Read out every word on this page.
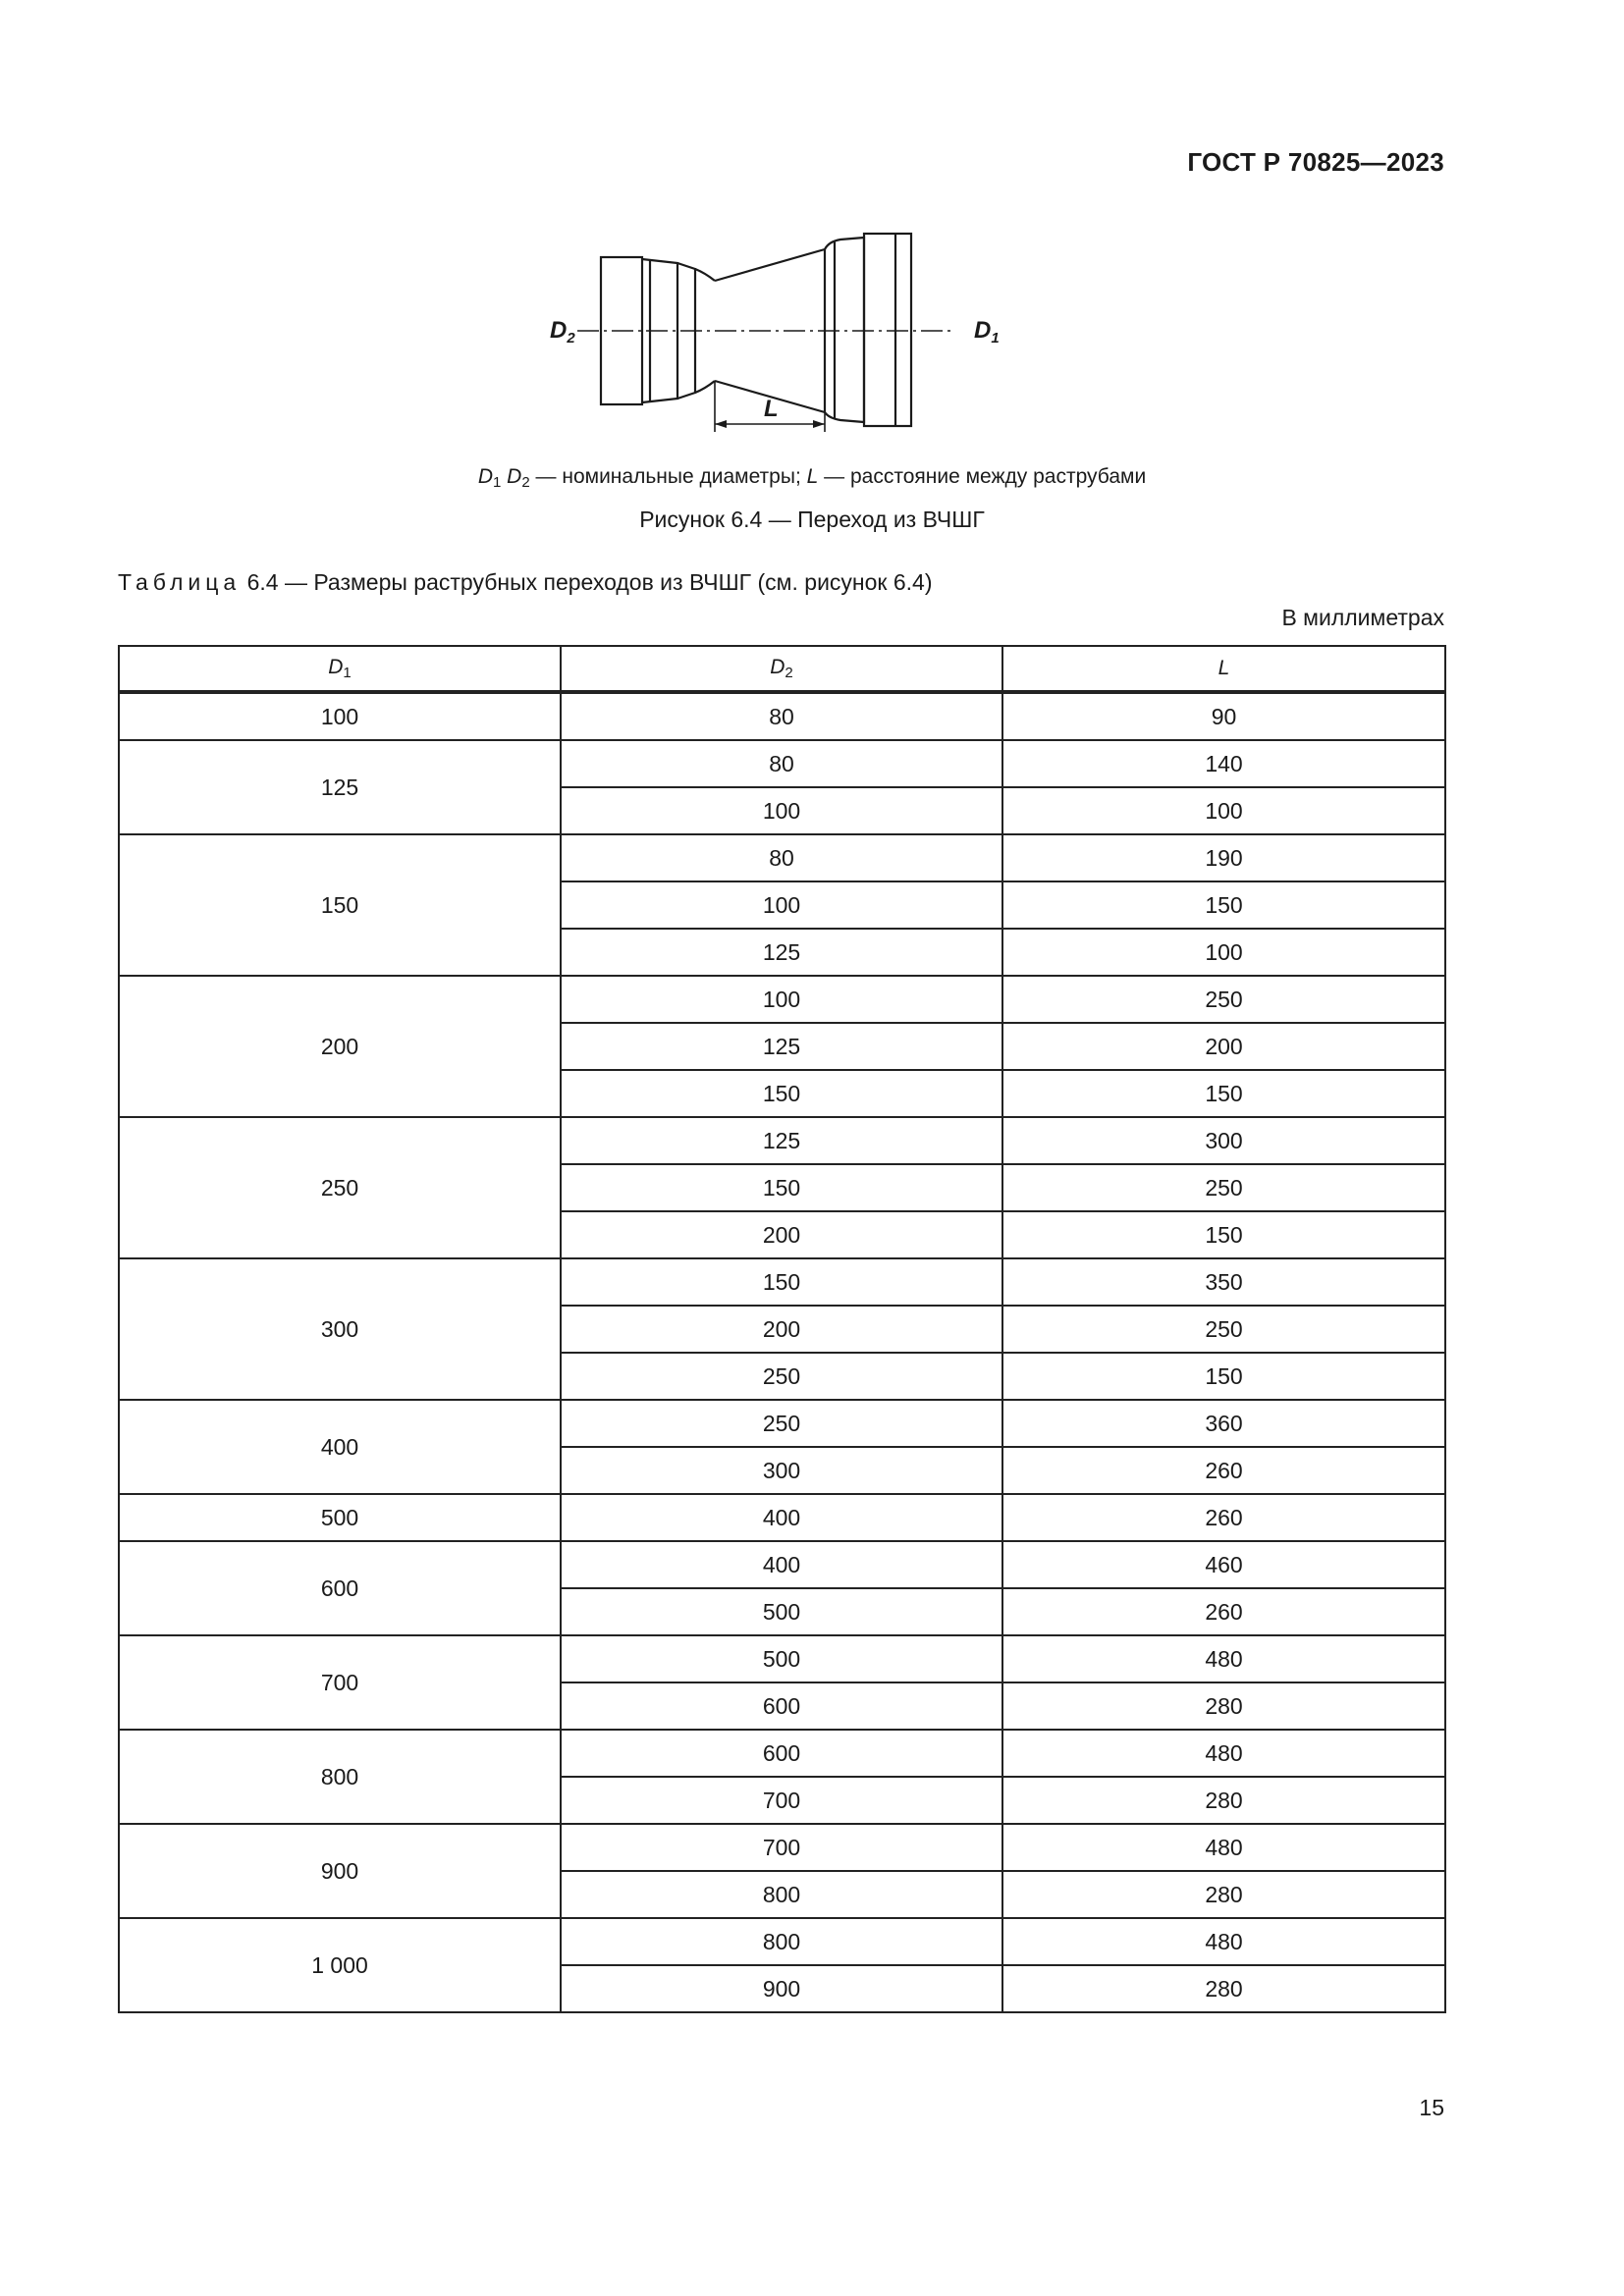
ГОСТ Р 70825—2023
$D_2$	$D_1$
L
$D_1$ $D_2$ — номинальные диаметры; L — расстояние между раструбами
Рисунок 6.4 — Переход из ВЧШГ
Таблица 6.4 — Размеры раструбных переходов из ВЧШГ (см. рисунок 6.4)
В миллиметрах
$D_1$	$D_2$	L
100	80	90
125	80	140
	100	100
150	80	190
	100	150
	125	100
200	100	250
	125	200
	150	150
250	125	300
	150	250
	200	150
300	150	350
	200	250
	250	150
400	250	360
	300	260
500	400	260
600	400	460
	500	260
700	500	480
	600	280
800	600	480
	700	280
900	700	480
	800	280
1 000	800	480
	900	280
15
